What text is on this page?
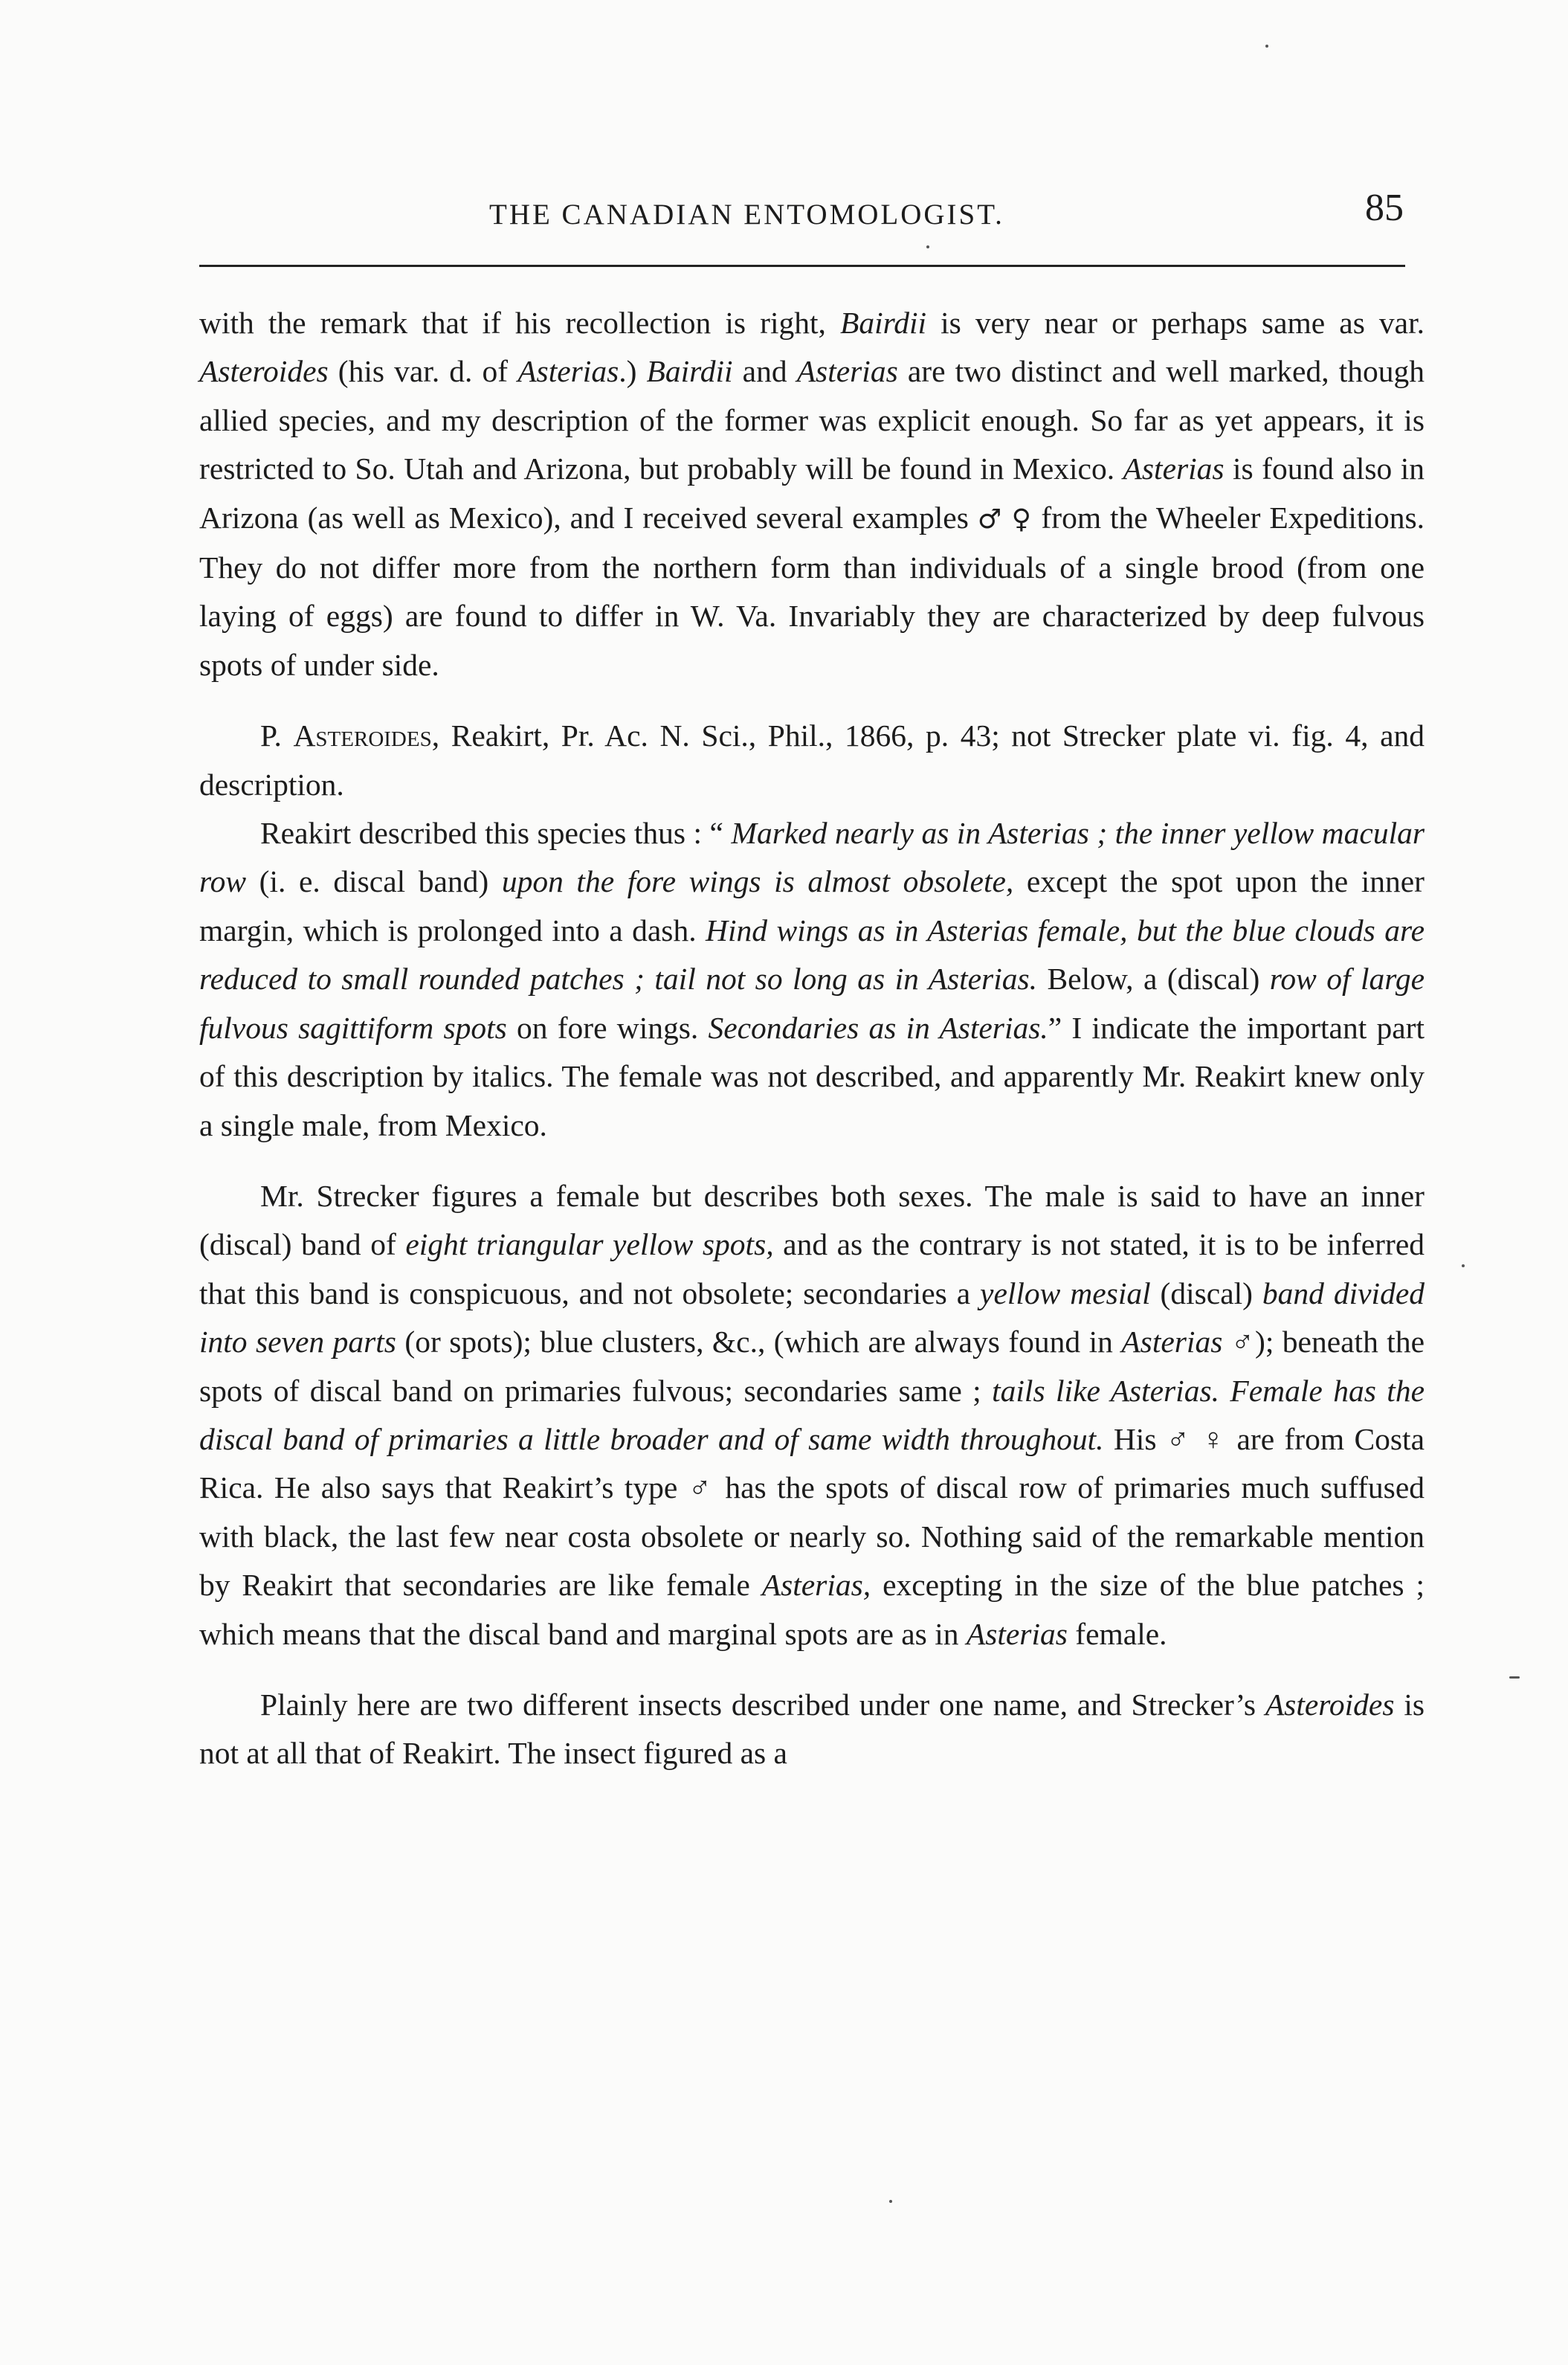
THE CANADIAN ENTOMOLOGIST.	85

with the remark that if his recollection is right, Bairdii is very near or perhaps same as var. Asteroides (his var. d. of Asterias.) Bairdii and Asterias are two distinct and well marked, though allied species, and my description of the former was explicit enough. So far as yet appears, it is restricted to So. Utah and Arizona, but probably will be found in Mexico. Asterias is found also in Arizona (as well as Mexico), and I received several examples ♂ ♀ from the Wheeler Expeditions. They do not differ more from the northern form than individuals of a single brood (from one laying of eggs) are found to differ in W. Va. Invariably they are characterized by deep fulvous spots of under side.

P. Asteroides, Reakirt, Pr. Ac. N. Sci., Phil., 1866, p. 43; not Strecker plate vi. fig. 4, and description.

Reakirt described this species thus : “ Marked nearly as in Asterias ; the inner yellow macular row (i. e. discal band) upon the fore wings is almost obsolete, except the spot upon the inner margin, which is prolonged into a dash. Hind wings as in Asterias female, but the blue clouds are reduced to small rounded patches ; tail not so long as in Asterias. Below, a (discal) row of large fulvous sagittiform spots on fore wings. Secondaries as in Asterias.” I indicate the important part of this description by italics. The female was not described, and apparently Mr. Reakirt knew only a single male, from Mexico.

Mr. Strecker figures a female but describes both sexes. The male is said to have an inner (discal) band of eight triangular yellow spots, and as the contrary is not stated, it is to be inferred that this band is conspicuous, and not obsolete; secondaries a yellow mesial (discal) band divided into seven parts (or spots); blue clusters, &c., (which are always found in Asterias ♂); beneath the spots of discal band on primaries fulvous; secondaries same ; tails like Asterias. Female has the discal band of primaries a little broader and of same width throughout. His ♂ ♀ are from Costa Rica. He also says that Reakirt’s type ♂ has the spots of discal row of primaries much suffused with black, the last few near costa obsolete or nearly so. Nothing said of the remarkable mention by Reakirt that secondaries are like female Asterias, excepting in the size of the blue patches ; which means that the discal band and marginal spots are as in Asterias female.

Plainly here are two different insects described under one name, and Strecker’s Asteroides is not at all that of Reakirt. The insect figured as a
